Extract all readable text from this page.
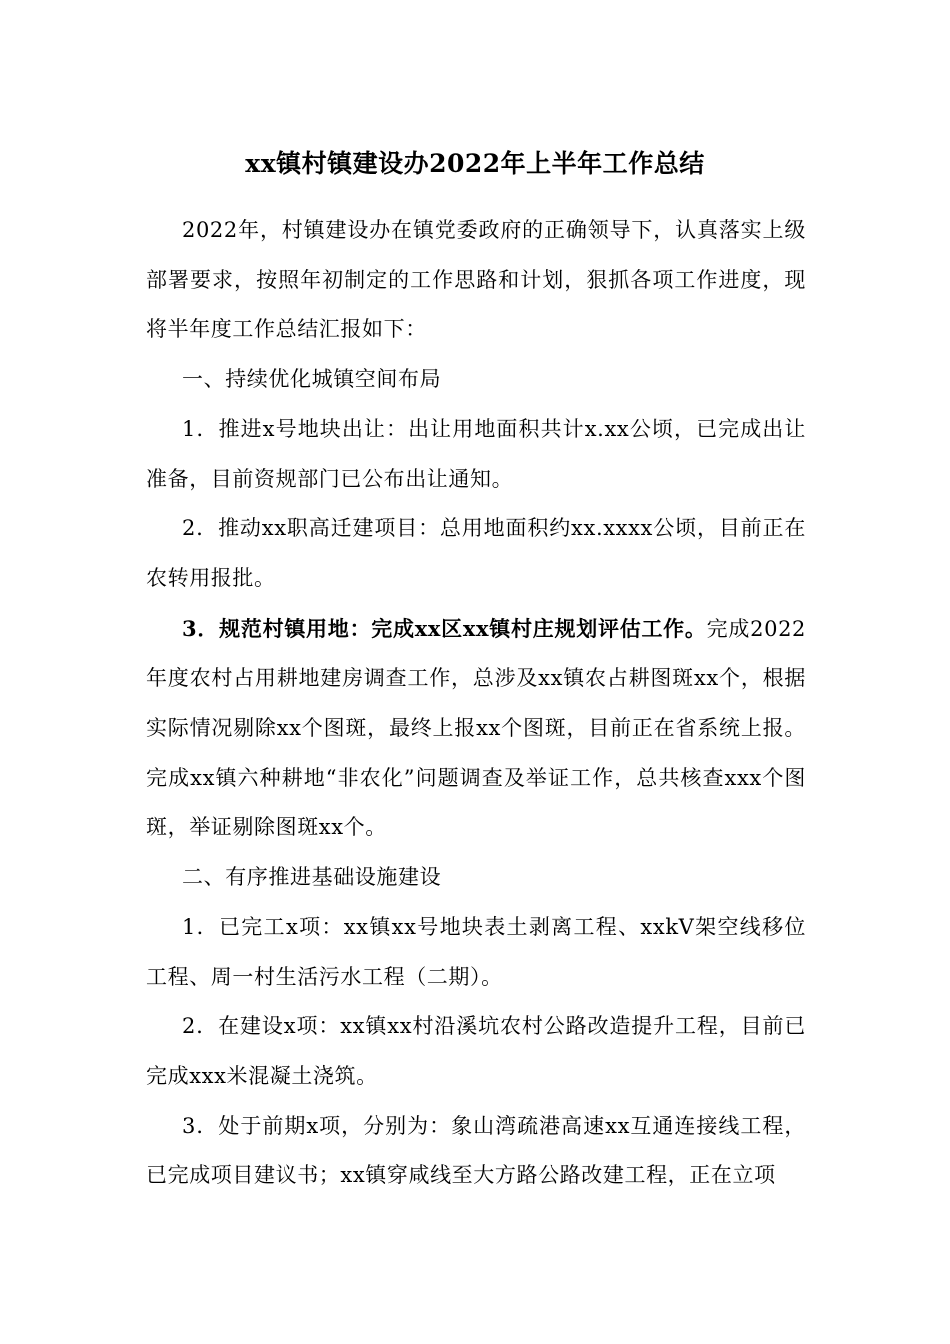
xx镇村镇建设办2022年上半年工作总结

2022年，村镇建设办在镇党委政府的正确领导下，认真落实上级部署要求，按照年初制定的工作思路和计划，狠抓各项工作进度，现将半年度工作总结汇报如下：

一、持续优化城镇空间布局

1．推进x号地块出让：出让用地面积共计x.xx公顷，已完成出让准备，目前资规部门已公布出让通知。

2．推动xx职高迁建项目：总用地面积约xx.xxxx公顷，目前正在农转用报批。

3．规范村镇用地：完成xx区xx镇村庄规划评估工作。完成2022年度农村占用耕地建房调查工作，总涉及xx镇农占耕图斑xx个，根据实际情况剔除xx个图斑，最终上报xx个图斑，目前正在省系统上报。完成xx镇六种耕地“非农化”问题调查及举证工作，总共核查xxx个图斑，举证剔除图斑xx个。

二、有序推进基础设施建设

1．已完工x项：xx镇xx号地块表土剥离工程、xxkV架空线移位工程、周一村生活污水工程（二期）。

2．在建设x项：xx镇xx村沿溪坑农村公路改造提升工程，目前已完成xxx米混凝土浇筑。

3．处于前期x项，分别为：象山湾疏港高速xx互通连接线工程，已完成项目建议书；xx镇穿咸线至大方路公路改建工程，正在立项
